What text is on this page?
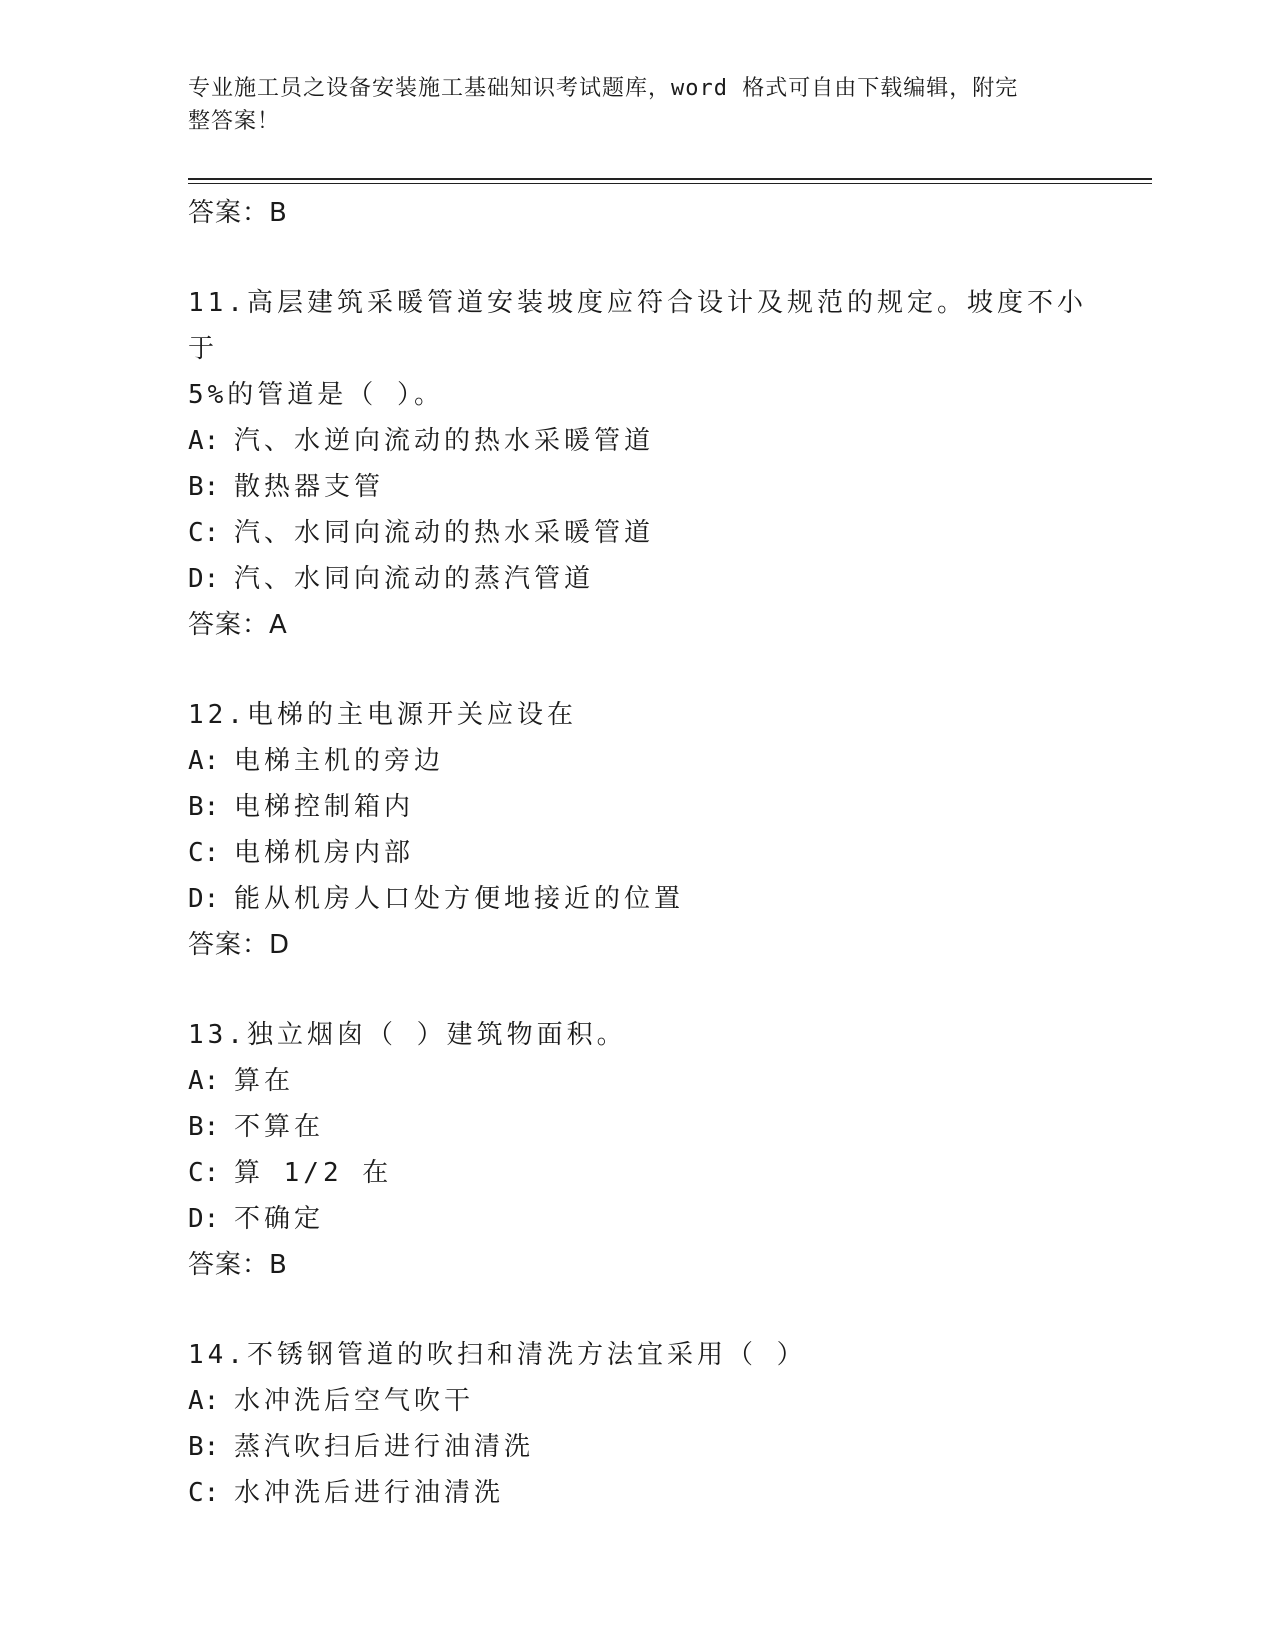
专业施工员之设备安装施工基础知识考试题库，word 格式可自由下载编辑，附完
整答案！
答案：B
11.高层建筑采暖管道安装坡度应符合设计及规范的规定。坡度不小于
5%的管道是（ ）。
A: 汽、水逆向流动的热水采暖管道
B: 散热器支管
C: 汽、水同向流动的热水采暖管道
D: 汽、水同向流动的蒸汽管道
答案：A
12.电梯的主电源开关应设在
A: 电梯主机的旁边
B: 电梯控制箱内
C: 电梯机房内部
D: 能从机房人口处方便地接近的位置
答案：D
13.独立烟囱（ ）建筑物面积。
A: 算在
B: 不算在
C: 算 1/2 在
D: 不确定
答案：B
14.不锈钢管道的吹扫和清洗方法宜采用（ ）
A: 水冲洗后空气吹干
B: 蒸汽吹扫后进行油清洗
C: 水冲洗后进行油清洗
